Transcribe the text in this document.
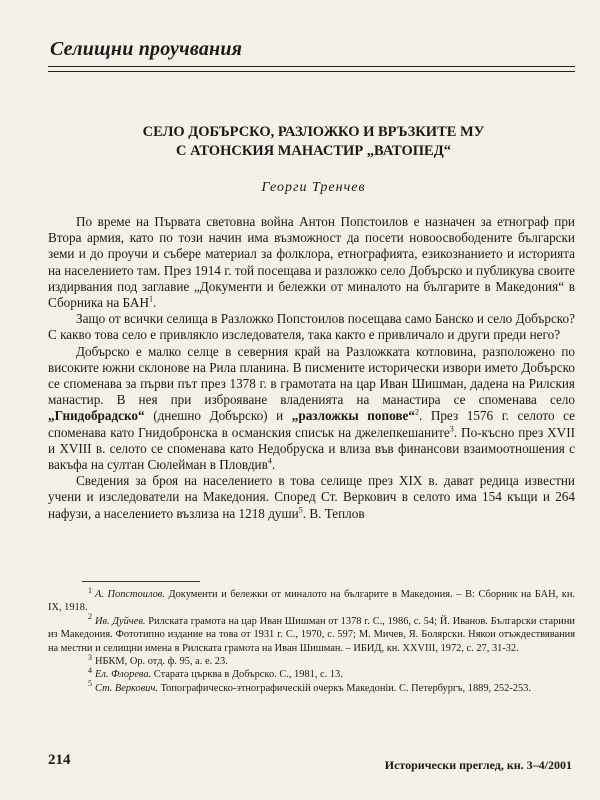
Селищни проучвания
СЕЛО ДОБЪРСКО, РАЗЛОЖКО И ВРЪЗКИТЕ МУ
С АТОНСКИЯ МАНАСТИР „ВАТОПЕД“
Георги Тренчев

По време на Първата световна война Антон Попстоилов е назначен за етнограф при Втора армия, като по този начин има възможност да посети новоосвободените български земи и до проучи и събере материал за фолклора, етнографията, езикознанието и историята на населението там. През 1914 г. той посещава и разложко село Добърско и публикува своите издирвания под заглавие „Документи и бележки от миналото на българите в Македония“ в Сборника на БАН$^1$.

Защо от всички селища в Разложко Попстоилов посещава само Банско и село Добърско? С какво това село е привлякло изследователя, така както е привличало и други преди него?

Добърско е малко селце в северния край на Разложката котловина, разположено по високите южни склонове на Рила планина. В писмените исторически извори името Добърско се споменава за първи път през 1378 г. в грамотата на цар Иван Шишман, дадена на Рилския манастир. В нея при изброяване владенията на манастира се споменава село „Гнидобрадско“ (днешно Добърско) и „разложкы попове“$^2$. През 1576 г. селото се споменава като Гнидобронска в османския списък на джелепкешаните$^3$. По-късно през XVII и XVIII в. селото се споменава като Недобруска и влиза във финансови взаимоотношения с вакъфа на султан Сюлейман в Пловдив$^4$.

Сведения за броя на населението в това селище през XIX в. дават редица известни учени и изследователи на Македония. Според Ст. Веркович в селото има 154 къщи и 264 нафузи, а населението възлиза на 1218 души$^5$. В. Теплов

$^1$ А. Попстоилов. Документи и бележки от миналото на българите в Македония. – В: Сборник на БАН, кн. IX, 1918.

$^2$ Ив. Дуйчев. Рилската грамота на цар Иван Шишман от 1378 г. С., 1986, с. 54; Й. Иванов. Български старини из Македония. Фототипно издание на това от 1931 г. С., 1970, с. 597; М. Мичев, Я. Болярски. Някои отъждествявания на местни и селищни имена в Рилската грамота на Иван Шишман. – ИБИД, кн. XXVIII, 1972, с. 27, 31-32.

$^3$ НБКМ, Ор. отд. ф. 95, а. е. 23.

$^4$ Ел. Флорева. Старата църква в Добърско. С., 1981, с. 13.

$^5$ Ст. Веркович. Топографическо-этнографическiй очеркъ Македонiи. С. Петербургъ, 1889, 252-253.

214	Исторически преглед, кн. 3–4/2001
